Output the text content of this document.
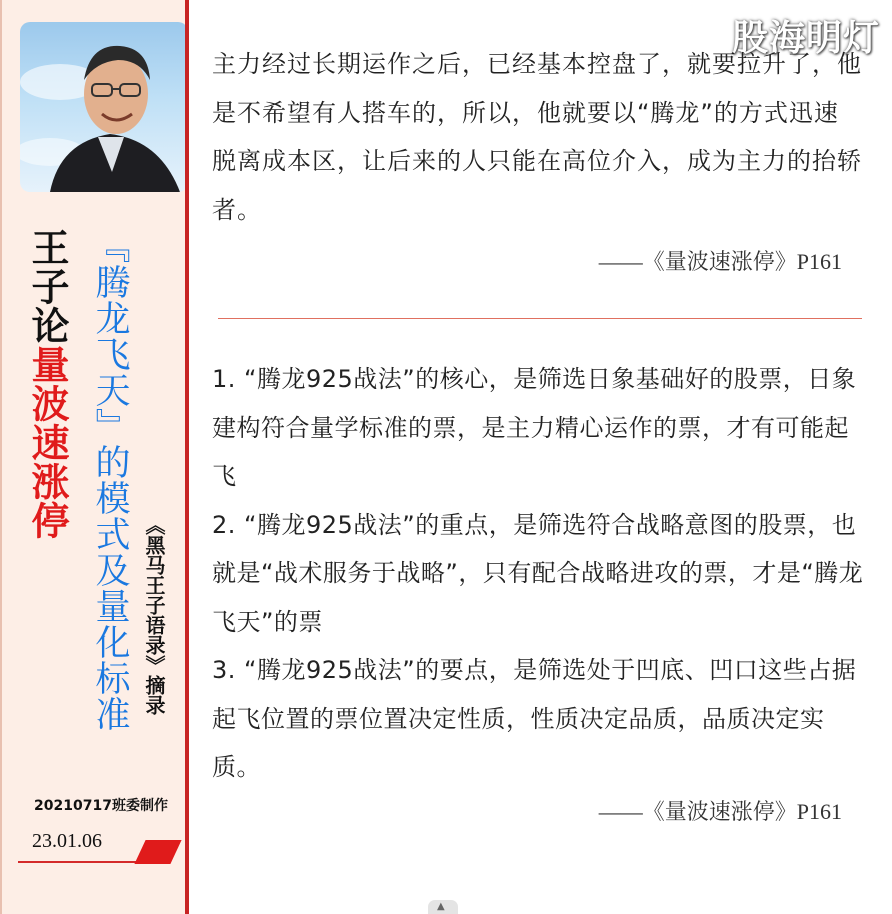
王子论量波速涨停 『腾龙飞天』的模式及量化标准 《黑马王子语录》摘录
20210717班委制作
23.01.06
股海明灯
主力经过长期运作之后，已经基本控盘了，就要拉升了，他是不希望有人搭车的，所以，他就要以“腾龙”的方式迅速脱离成本区，让后来的人只能在高位介入，成为主力的抬轿者。
——《量波速涨停》P161

1. “腾龙925战法”的核心，是筛选日象基础好的股票，日象建构符合量学标准的票，是主力精心运作的票，才有可能起飞

2. “腾龙925战法”的重点，是筛选符合战略意图的股票，也就是“战术服务于战略”，只有配合战略进攻的票，才是“腾龙飞天”的票

3. “腾龙925战法”的要点，是筛选处于凹底、凹口这些占据起飞位置的票位置决定性质，性质决定品质，品质决定实质。

——《量波速涨停》P161
▲
